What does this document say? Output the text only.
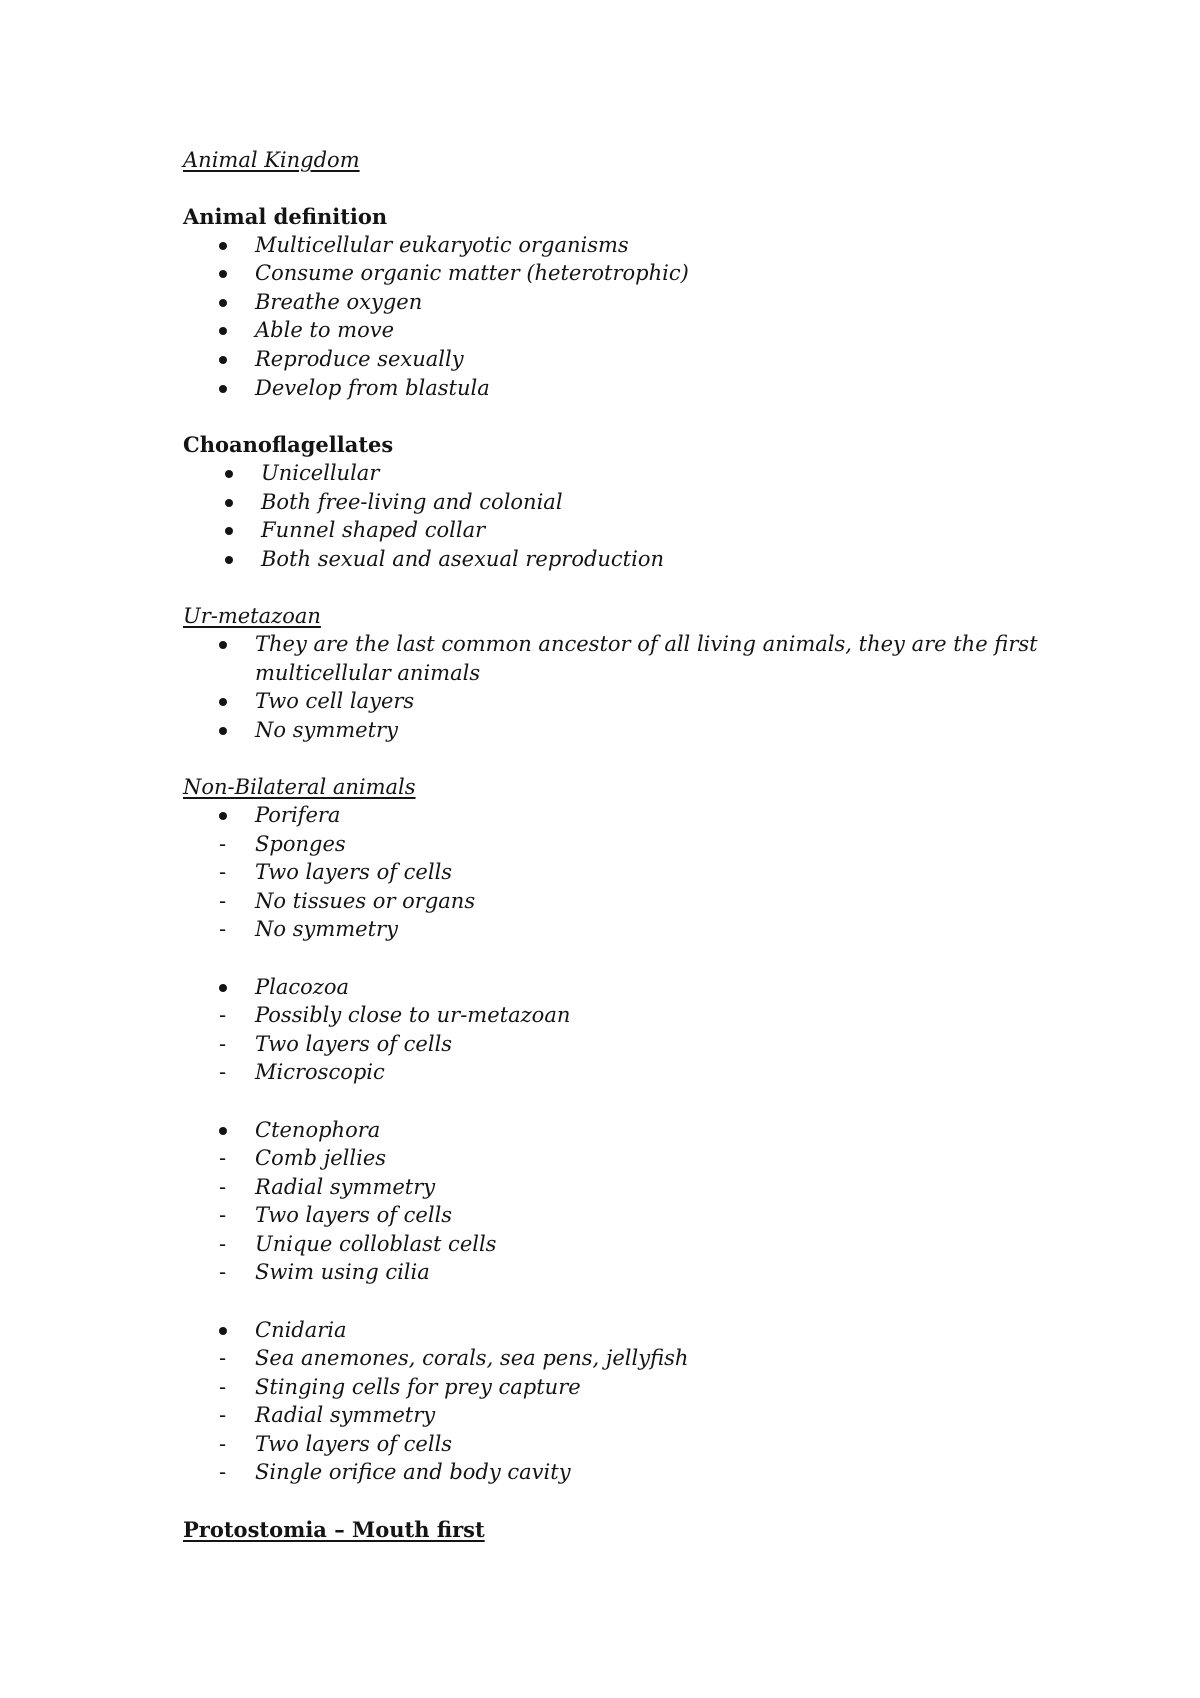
Animal Kingdom
Animal definition
Multicellular eukaryotic organisms
Consume organic matter (heterotrophic)
Breathe oxygen
Able to move
Reproduce sexually
Develop from blastula
Choanoflagellates
Unicellular
Both free-living and colonial
Funnel shaped collar
Both sexual and asexual reproduction
Ur-metazoan
They are the last common ancestor of all living animals, they are the first
multicellular animals
Two cell layers
No symmetry
Non-Bilateral animals
Porifera
- Sponges
- Two layers of cells
- No tissues or organs
- No symmetry
Placozoa
- Possibly close to ur-metazoan
- Two layers of cells
- Microscopic
Ctenophora
- Comb jellies
- Radial symmetry
- Two layers of cells
- Unique colloblast cells
- Swim using cilia
Cnidaria
- Sea anemones, corals, sea pens, jellyfish
- Stinging cells for prey capture
- Radial symmetry
- Two layers of cells
- Single orifice and body cavity
Protostomia – Mouth first
